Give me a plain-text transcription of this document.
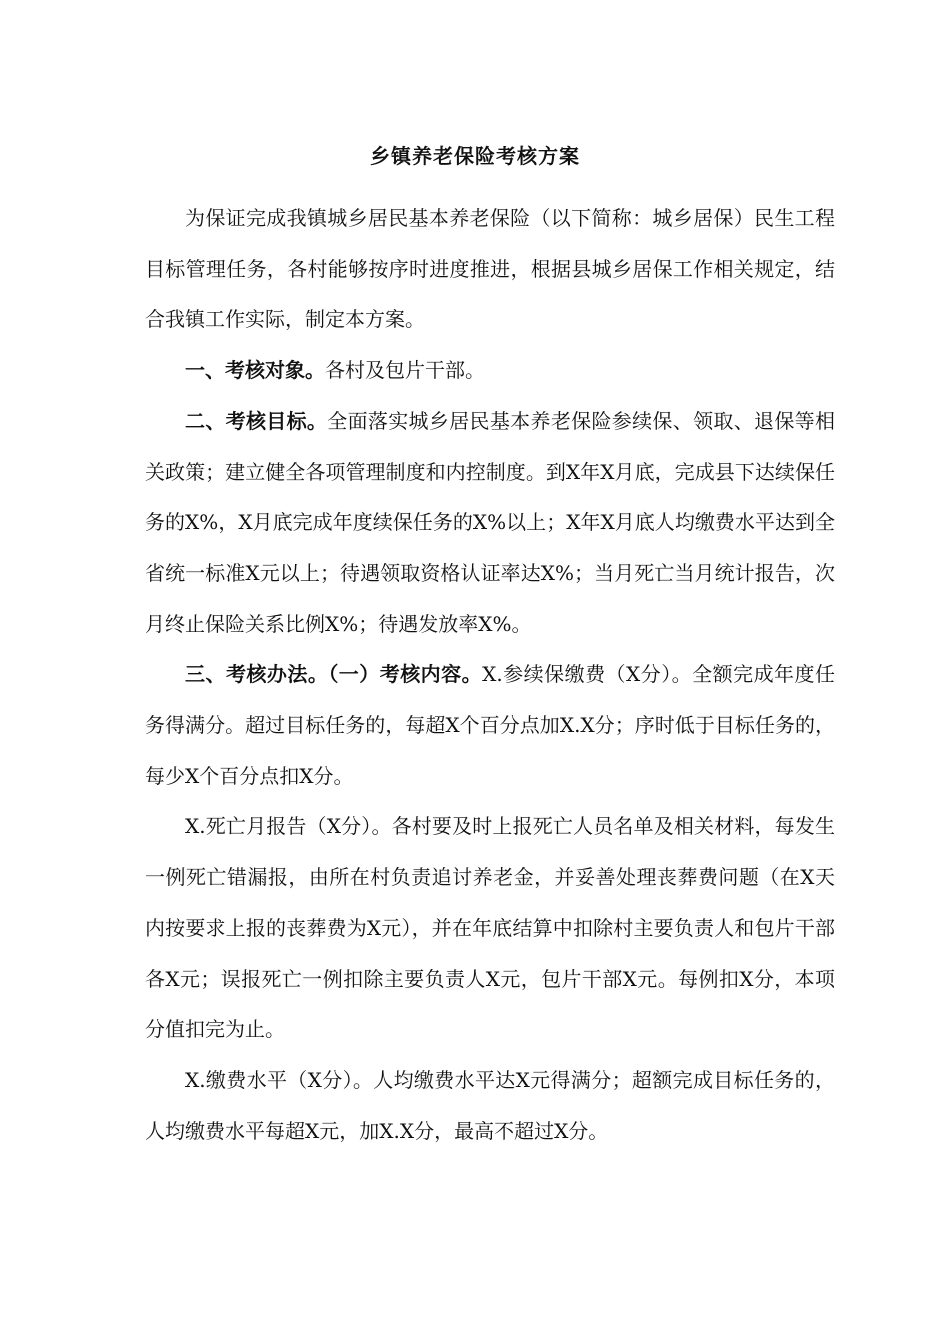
乡镇养老保险考核方案

为保证完成我镇城乡居民基本养老保险（以下简称：城乡居保）民生工程目标管理任务，各村能够按序时进度推进，根据县城乡居保工作相关规定，结合我镇工作实际，制定本方案。

一、考核对象。各村及包片干部。

二、考核目标。全面落实城乡居民基本养老保险参续保、领取、退保等相关政策；建立健全各项管理制度和内控制度。到X年X月底，完成县下达续保任务的X%，X月底完成年度续保任务的X%以上；X年X月底人均缴费水平达到全省统一标准X元以上；待遇领取资格认证率达X%；当月死亡当月统计报告，次月终止保险关系比例X%；待遇发放率X%。

三、考核办法。（一）考核内容。X.参续保缴费（X分）。全额完成年度任务得满分。超过目标任务的，每超X个百分点加X.X分；序时低于目标任务的，每少X个百分点扣X分。

X.死亡月报告（X分）。各村要及时上报死亡人员名单及相关材料，每发生一例死亡错漏报，由所在村负责追讨养老金，并妥善处理丧葬费问题（在X天内按要求上报的丧葬费为X元），并在年底结算中扣除村主要负责人和包片干部各X元；误报死亡一例扣除主要负责人X元，包片干部X元。每例扣X分，本项分值扣完为止。

X.缴费水平（X分）。人均缴费水平达X元得满分；超额完成目标任务的，人均缴费水平每超X元，加X.X分，最高不超过X分。
